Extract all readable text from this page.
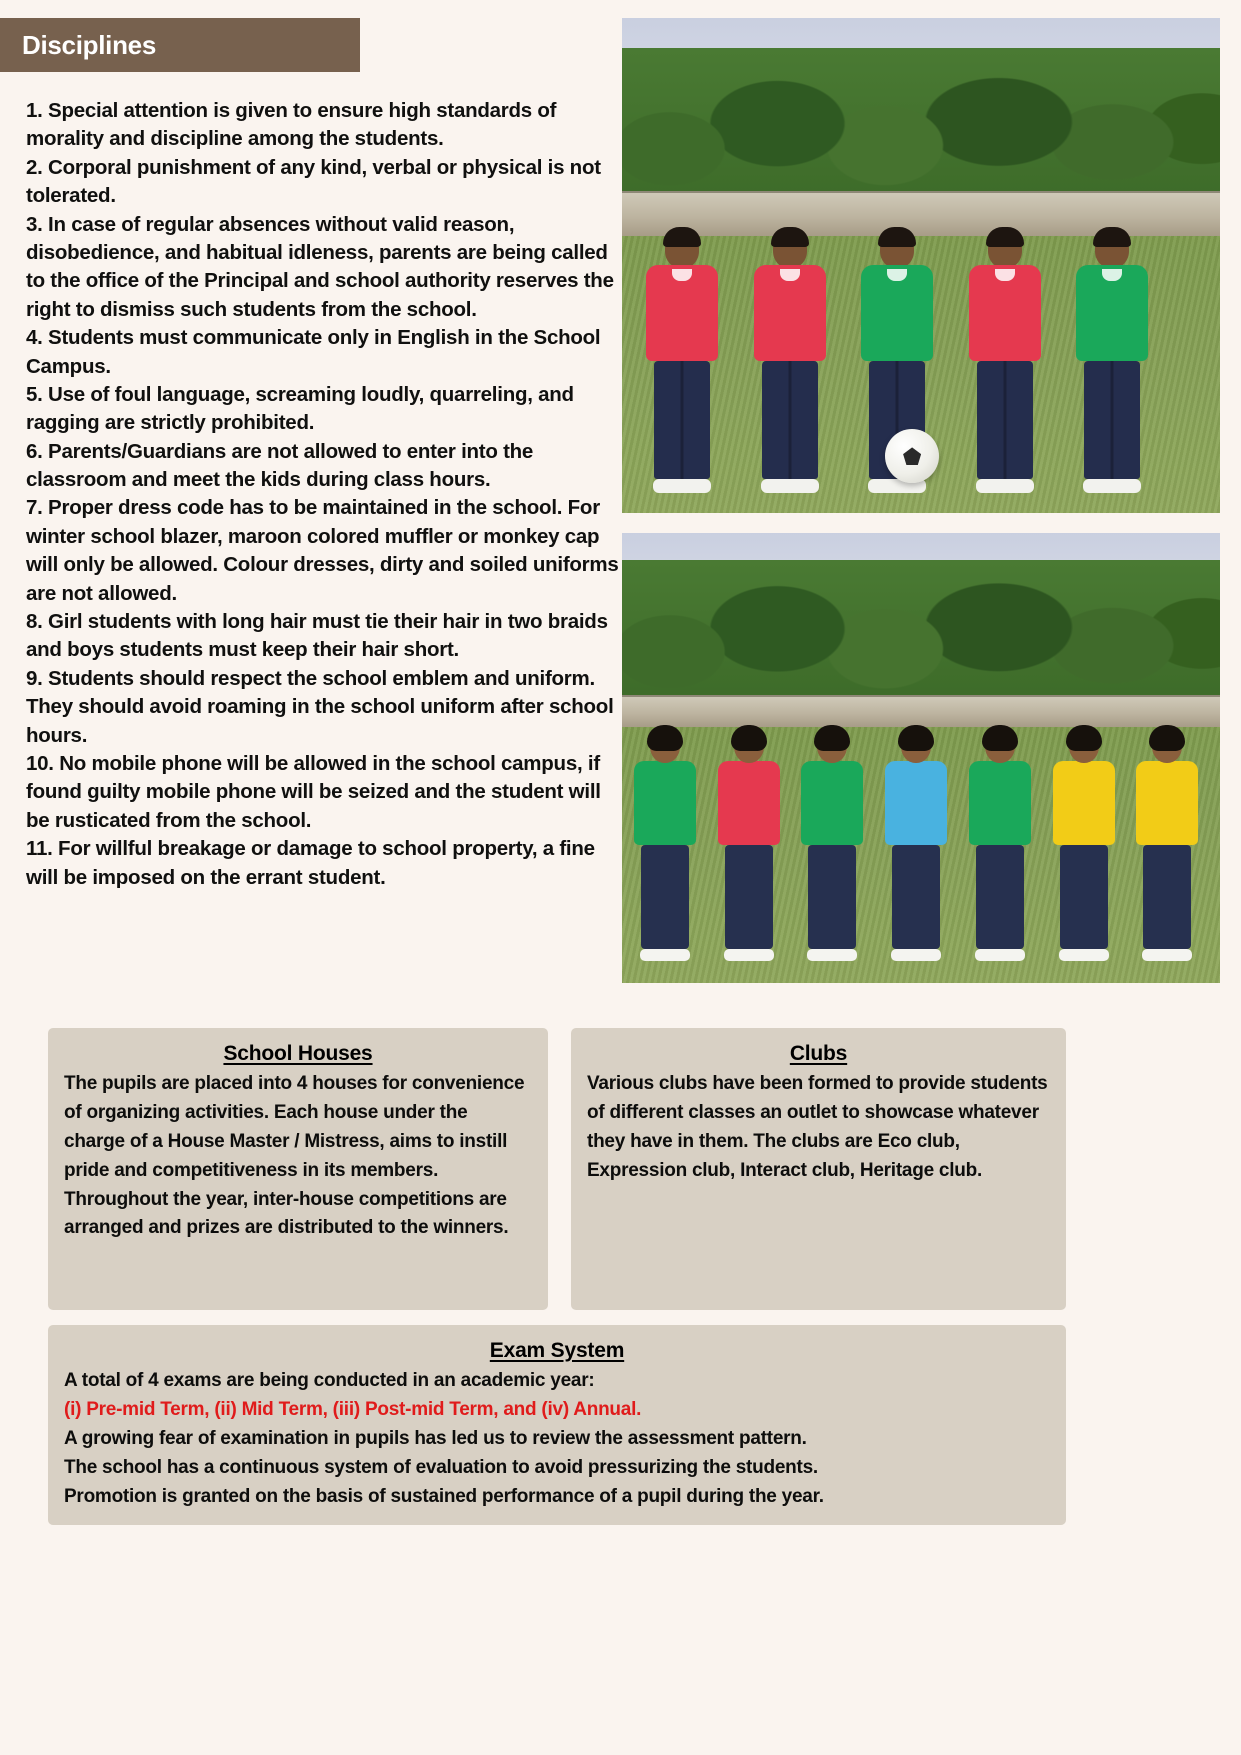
Disciplines

1. Special attention is given to ensure high standards of morality and discipline among the students.

2. Corporal punishment of any kind, verbal or physical is not tolerated.

3. In case of regular absences without valid reason, disobedience, and habitual idleness, parents are being called to the office of the Principal and school authority reserves the right to dismiss such students from the school.

4. Students must communicate only in English in the School Campus.

5. Use of foul language, screaming loudly, quarreling, and ragging are strictly prohibited.

6. Parents/Guardians are not allowed to enter into the classroom and meet the kids during class hours.

7. Proper dress code has to be maintained in the school. For winter school blazer, maroon colored muffler or monkey cap will only be allowed. Colour dresses, dirty and soiled uniforms are not allowed.

8. Girl students with long hair must tie their hair in two braids and boys students must keep their hair short.

9. Students should respect the school emblem and uniform. They should avoid roaming in the school uniform after school hours.

10. No mobile phone will be allowed in the school campus, if found guilty mobile phone will be seized and the student will be rusticated from the school.

11. For willful breakage or damage to school property, a fine will be imposed on the errant student.

School Houses
The pupils are placed into 4 houses for convenience of organizing activities. Each house under the charge of a House Master / Mistress, aims to instill pride and competitiveness in its members. Throughout the year, inter-house competitions are arranged and prizes are distributed to the winners.
Clubs
Various clubs have been formed to provide students of different classes an outlet to showcase whatever they have in them. The clubs are Eco club, Expression club, Interact club, Heritage club.
Exam System
A total of 4 exams are being conducted in an academic year:
(i) Pre-mid Term, (ii) Mid Term, (iii) Post-mid Term, and (iv) Annual.
A growing fear of examination in pupils has led us to review the assessment pattern.
The school has a continuous system of evaluation to avoid pressurizing the students.
Promotion is granted on the basis of sustained performance of a pupil during the year.
